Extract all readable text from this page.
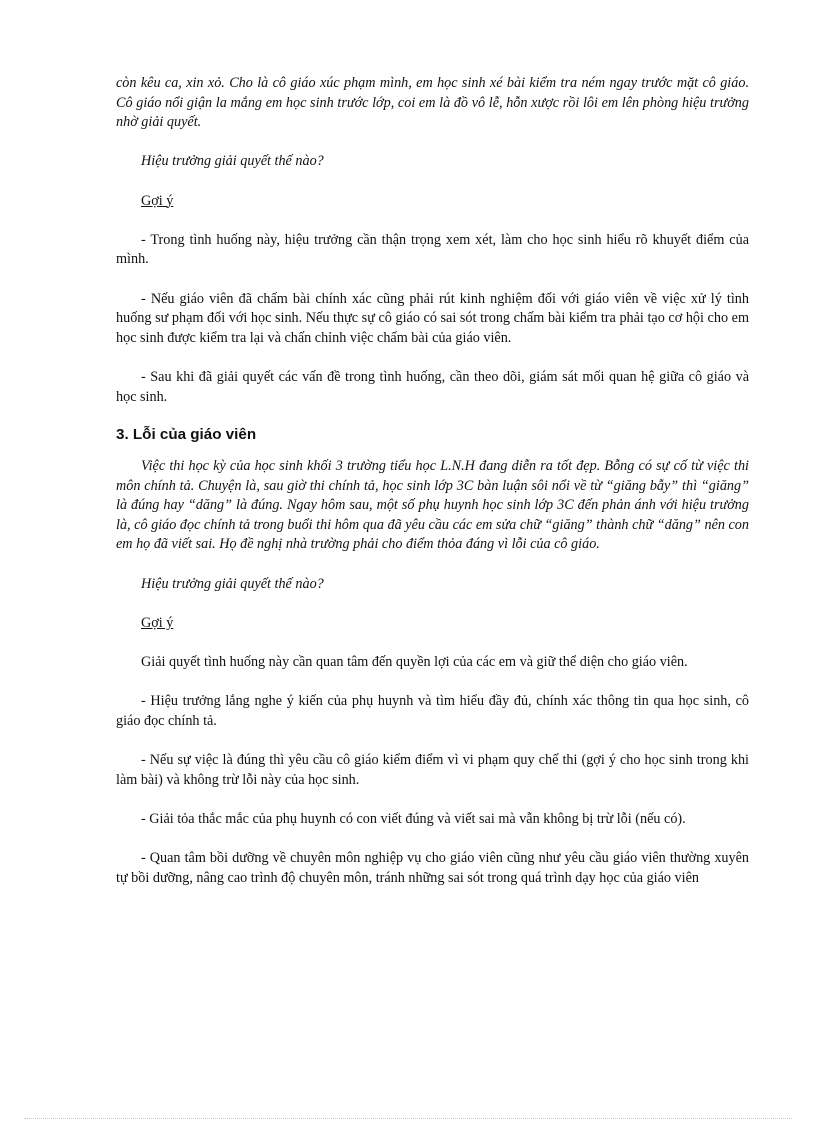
còn kêu ca, xin xỏ. Cho là cô giáo xúc phạm mình, em học sinh xé bài kiểm tra ném ngay trước mặt cô giáo. Cô giáo nổi giận la mắng em học sinh trước lớp, coi em là đồ vô lễ, hỗn xược rồi lôi em lên phòng hiệu trưởng nhờ giải quyết.

Hiệu trưởng giải quyết thế nào?

Gợi ý

- Trong tình huống này, hiệu trưởng cần thận trọng xem xét, làm cho học sinh hiểu rõ khuyết điểm của mình.

- Nếu giáo viên đã chấm bài chính xác cũng phải rút kinh nghiệm đối với giáo viên về việc xử lý tình huống sư phạm đối với học sinh. Nếu thực sự cô giáo có sai sót trong chấm bài kiểm tra phải tạo cơ hội cho em học sinh được kiểm tra lại và chấn chỉnh việc chấm bài của giáo viên.

- Sau khi đã giải quyết các vấn đề trong tình huống, cần theo dõi, giám sát mối quan hệ giữa cô giáo và học sinh.

3. Lỗi của giáo viên

Việc thi học kỳ của học sinh khối 3 trường tiểu học L.N.H đang diễn ra tốt đẹp. Bỗng có sự cố từ việc thi môn chính tả. Chuyện là, sau giờ thi chính tả, học sinh lớp 3C bàn luận sôi nổi về từ “giăng bẫy” thì “giăng” là đúng hay “dăng” là đúng. Ngay hôm sau, một số phụ huynh học sinh lớp 3C đến phản ánh với hiệu trưởng là, cô giáo đọc chính tả trong buổi thi hôm qua đã yêu cầu các em sửa chữ “giăng” thành chữ “dăng” nên con em họ đã viết sai. Họ đề nghị nhà trường phải cho điểm thỏa đáng vì lỗi của cô giáo.

Hiệu trưởng giải quyết thế nào?

Gợi ý

Giải quyết tình huống này cần quan tâm đến quyền lợi của các em và giữ thể diện cho giáo viên.

- Hiệu trưởng lắng nghe ý kiến của phụ huynh và tìm hiểu đầy đủ, chính xác thông tin qua học sinh, cô giáo đọc chính tả.

- Nếu sự việc là đúng thì yêu cầu cô giáo kiểm điểm vì vi phạm quy chế thi (gợi ý cho học sinh trong khi làm bài) và không trừ lỗi này của học sinh.

- Giải tỏa thắc mắc của phụ huynh có con viết đúng và viết sai mà vẫn không bị trừ lỗi (nếu có).

- Quan tâm bồi dưỡng về chuyên môn nghiệp vụ cho giáo viên cũng như yêu cầu giáo viên thường xuyên tự bồi dưỡng, nâng cao trình độ chuyên môn, tránh những sai sót trong quá trình dạy học của giáo viên
